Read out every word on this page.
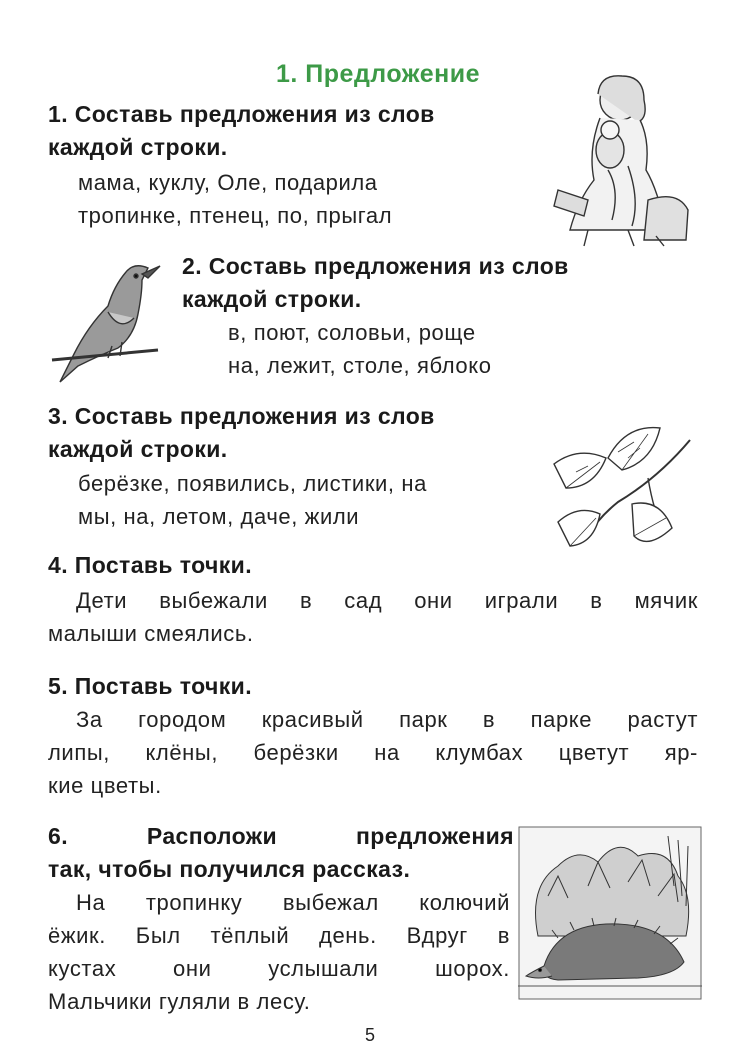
1. Предложение
1. Составь предложения из слов
каждой строки.
мама, куклу, Оле, подарила
тропинке, птенец, по, прыгал
2. Составь предложения из слов
каждой строки.
в, поют, соловьи, роще
на, лежит, столе, яблоко
3. Составь предложения из слов
каждой строки.
берёзке, появились, листики, на
мы, на, летом, даче, жили
4. Поставь точки.
Дети выбежали в сад они играли в мячик
малыши смеялись.
5. Поставь точки.
За городом красивый парк в парке растут
липы, клёны, берёзки на клумбах цветут яр-
кие цветы.
6. Расположи предложения
так, чтобы получился рассказ.
На тропинку выбежал колючий
ёжик. Был тёплый день. Вдруг в
кустах они услышали шорох.
Мальчики гуляли в лесу.
5
